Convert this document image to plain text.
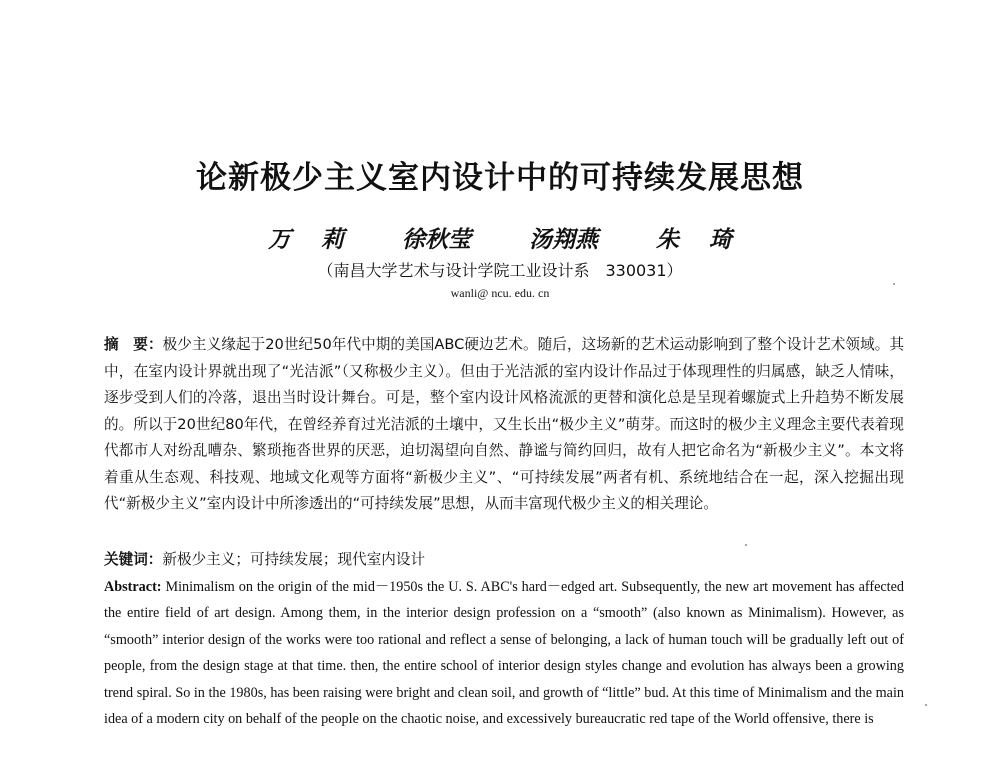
论新极少主义室内设计中的可持续发展思想
万 莉	徐秋莹	汤翔燕	朱 琦
（南昌大学艺术与设计学院工业设计系　330031）
wanli@ ncu. edu. cn
摘　要：极少主义缘起于20世纪50年代中期的美国ABC硬边艺术。随后，这场新的艺术运动影响到了整个设计艺术领域。其中，在室内设计界就出现了“光洁派”（又称极少主义）。但由于光洁派的室内设计作品过于体现理性的归属感，缺乏人情味，逐步受到人们的冷落，退出当时设计舞台。可是，整个室内设计风格流派的更替和演化总是呈现着螺旋式上升趋势不断发展的。所以于20世纪80年代，在曾经养育过光洁派的土壤中，又生长出“极少主义”萌芽。而这时的极少主义理念主要代表着现代都市人对纷乱嘈杂、繁琐拖沓世界的厌恶，迫切渴望向自然、静谧与简约回归，故有人把它命名为“新极少主义”。本文将着重从生态观、科技观、地域文化观等方面将“新极少主义”、“可持续发展”两者有机、系统地结合在一起，深入挖掘出现代“新极少主义”室内设计中所渗透出的“可持续发展”思想，从而丰富现代极少主义的相关理论。
关键词：新极少主义；可持续发展；现代室内设计
Abstract: Minimalism on the origin of the mid－1950s the U. S. ABC's hard－edged art. Subsequently, the new art movement has affected the entire field of art design. Among them, in the interior design profession on a “smooth” (also known as Minimalism). However, as “smooth” interior design of the works were too rational and reflect a sense of belonging, a lack of human touch will be gradually left out of people, from the design stage at that time. then, the entire school of interior design styles change and evolution has always been a growing trend spiral. So in the 1980s, has been raising were bright and clean soil, and growth of “little” bud. At this time of Minimalism and the main idea of a modern city on behalf of the people on the chaotic noise, and excessively bureaucratic red tape of the World offensive, there is
